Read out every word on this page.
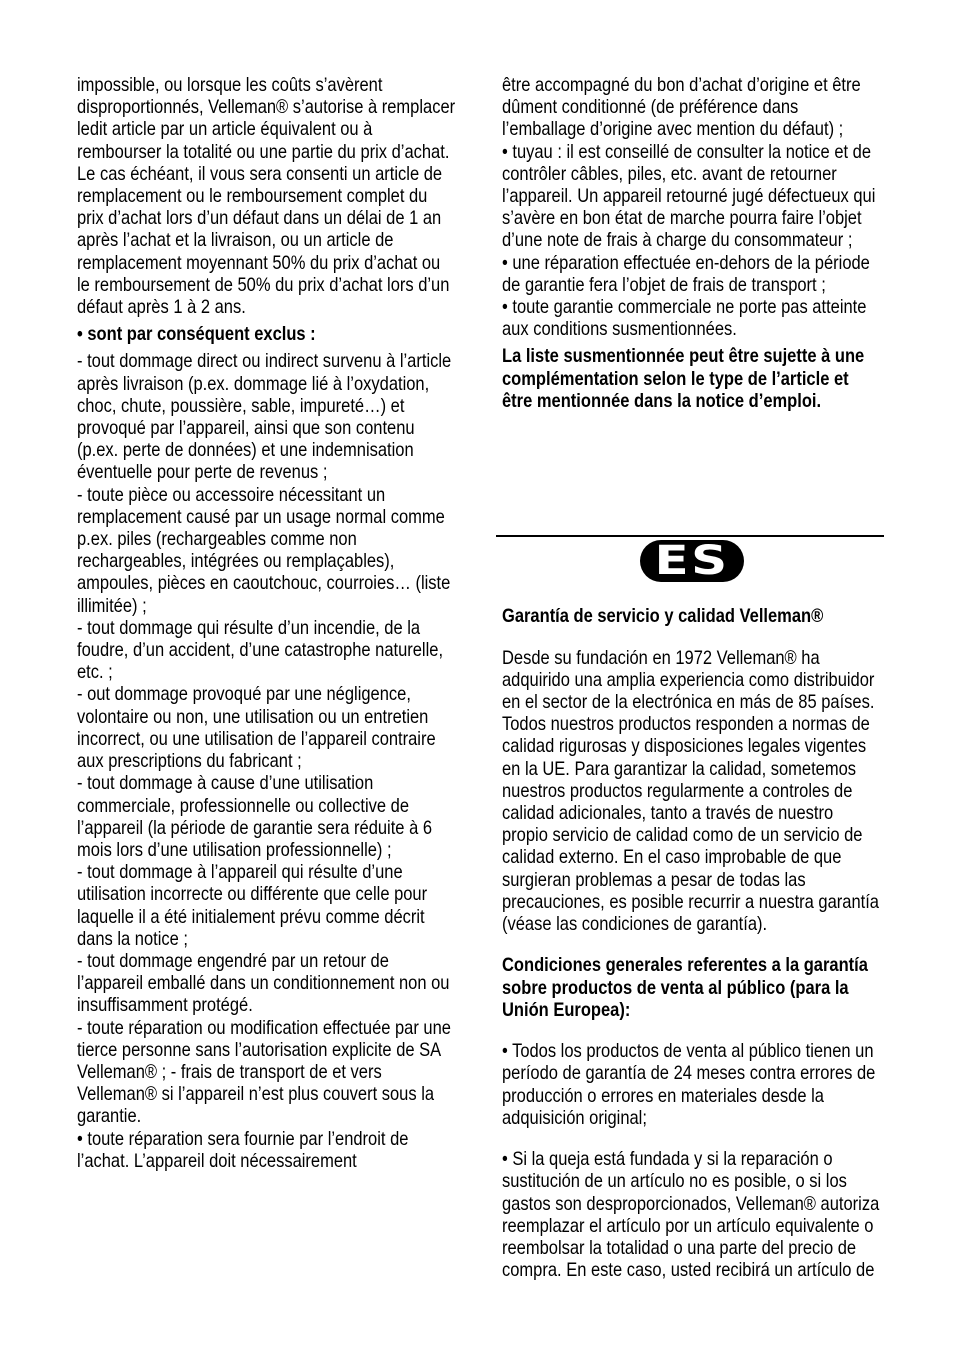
impossible, ou lorsque les coûts s’avèrent disproportionnés, Velleman® s’autorise à remplacer ledit article par un article équivalent ou à rembourser la totalité ou une partie du prix d’achat. Le cas échéant, il vous sera consenti un article de remplacement ou le remboursement complet du prix d’achat lors d’un défaut dans un délai de 1 an après l’achat et la livraison, ou un article de remplacement moyennant 50% du prix d’achat ou le remboursement de 50% du prix d’achat lors d’un défaut après 1 à 2 ans.

• sont par conséquent exclus :

- tout dommage direct ou indirect survenu à l’article après livraison (p.ex. dommage lié à l’oxydation, choc, chute, poussière, sable, impureté…) et provoqué par l’appareil, ainsi que son contenu (p.ex. perte de données) et une indemnisation éventuelle pour perte de revenus ;

- toute pièce ou accessoire nécessitant un remplacement causé par un usage normal comme p.ex. piles (rechargeables comme non rechargeables, intégrées ou remplaçables), ampoules, pièces en caoutchouc, courroies… (liste illimitée) ;

- tout dommage qui résulte d’un incendie, de la foudre, d’un accident, d’une catastrophe naturelle, etc. ;

- out dommage provoqué par une négligence, volontaire ou non, une utilisation ou un entretien incorrect, ou une utilisation de l’appareil contraire aux prescriptions du fabricant ;

- tout dommage à cause d’une utilisation commerciale, professionnelle ou collective de l’appareil (la période de garantie sera réduite à 6 mois lors d’une utilisation professionnelle) ;

- tout dommage à l’appareil qui résulte d’une utilisation incorrecte ou différente que celle pour laquelle il a été initialement prévu comme décrit dans la notice ;

- tout dommage engendré par un retour de l’appareil emballé dans un conditionnement non ou insuffisamment protégé.

- toute réparation ou modification effectuée par une tierce personne sans l’autorisation explicite de SA Velleman® ; - frais de transport de et vers Velleman® si l’appareil n’est plus couvert sous la garantie.

• toute réparation sera fournie par l’endroit de l’achat. L’appareil doit nécessairement

être accompagné du bon d’achat d’origine et être dûment conditionné (de préférence dans l’emballage d’origine avec mention du défaut) ;

• tuyau : il est conseillé de consulter la notice et de contrôler câbles, piles, etc. avant de retourner l’appareil. Un appareil retourné jugé défectueux qui s’avère en bon état de marche pourra faire l’objet d’une note de frais à charge du consommateur ;

• une réparation effectuée en-dehors de la période de garantie fera l’objet de frais de transport ;

• toute garantie commerciale ne porte pas atteinte aux conditions susmentionnées.

La liste susmentionnée peut être sujette à une complémentation selon le type de l’article et être mentionnée dans la notice d’emploi.

ES

Garantía de servicio y calidad Velleman®

Desde su fundación en 1972 Velleman® ha adquirido una amplia experiencia como distribuidor en el sector de la electrónica en más de 85 países. Todos nuestros productos responden a normas de calidad rigurosas y disposiciones legales vigentes en la UE. Para garantizar la calidad, sometemos nuestros productos regularmente a controles de calidad adicionales, tanto a través de nuestro propio servicio de calidad como de un servicio de calidad externo. En el caso improbable de que surgieran problemas a pesar de todas las precauciones, es posible recurrir a nuestra garantía (véase las condiciones de garantía).

Condiciones generales referentes a la garantía sobre productos de venta al público (para la Unión Europea):

• Todos los productos de venta al público tienen un período de garantía de 24 meses contra errores de producción o errores en materiales desde la adquisición original;

• Si la queja está fundada y si la reparación o sustitución de un artículo no es posible, o si los gastos son desproporcionados, Velleman® autoriza reemplazar el artículo por un artículo equivalente o reembolsar la totalidad o una parte del precio de compra. En este caso, usted recibirá un artículo de
